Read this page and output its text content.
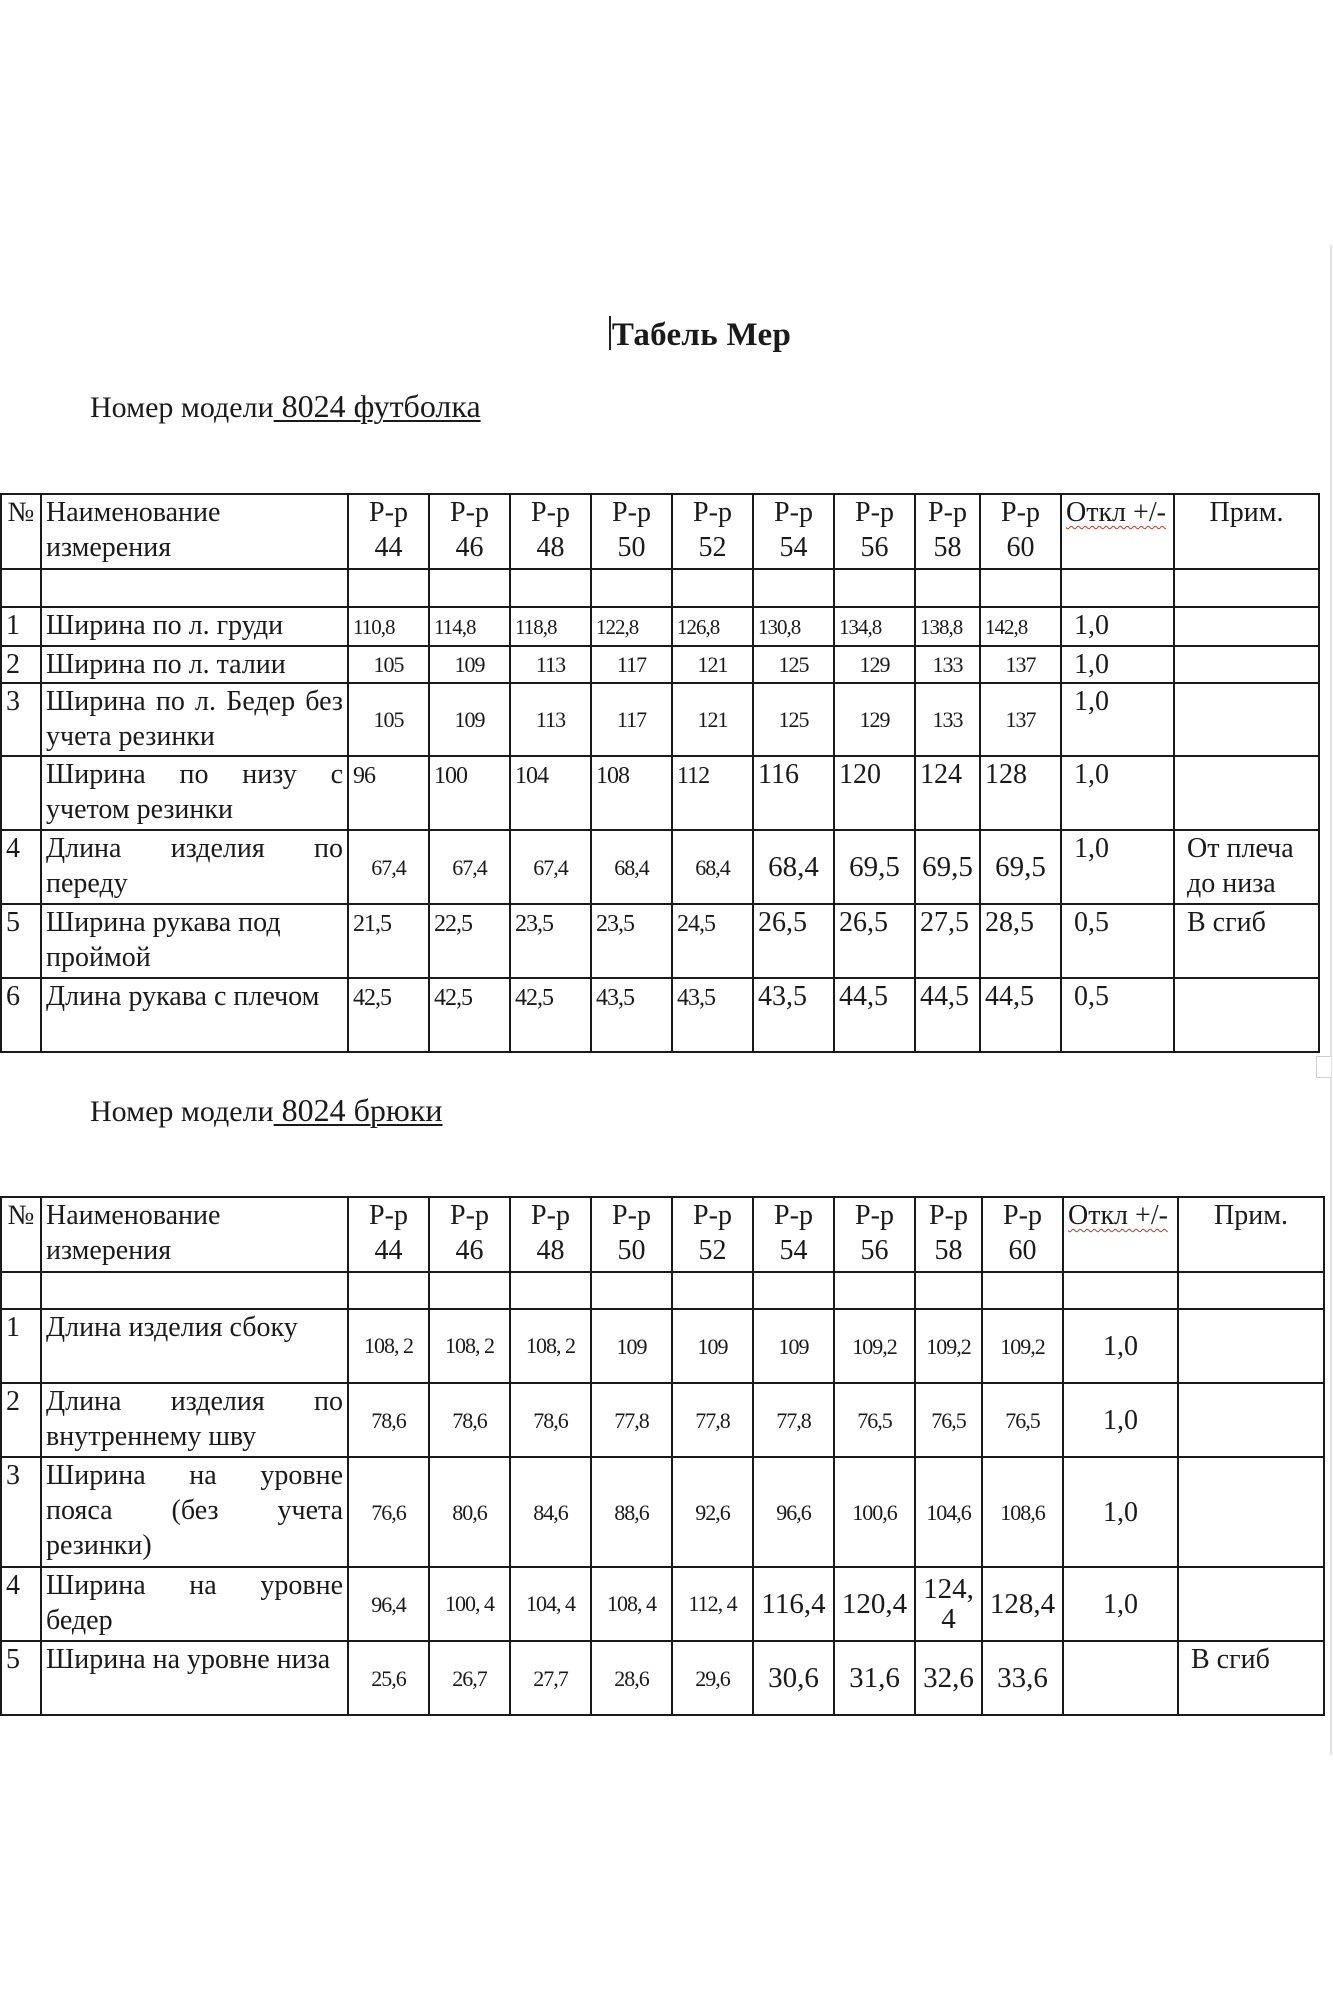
Табель Мер
Номер модели 8024 футболка
№	Наименование измерения	Р-р 44	Р-р 46	Р-р 48	Р-р 50	Р-р 52	Р-р 54	Р-р 56	Р-р 58	Р-р 60	Откл +/-	Прим.

1	Ширина по л. груди	110,8	114,8	118,8	122,8	126,8	130,8	134,8	138,8	142,8	1,0	
2	Ширина по л. талии	105	109	113	117	121	125	129	133	137	1,0	
3	Ширина по л. Бедер без учета резинки	105	109	113	117	121	125	129	133	137	1,0	
	Ширина по низу с учетом резинки	96	100	104	108	112	116	120	124	128	1,0	
4	Длина изделия по переду	67,4	67,4	67,4	68,4	68,4	68,4	69,5	69,5	69,5	1,0	От плеча до низа
5	Ширина рукава под проймой	21,5	22,5	23,5	23,5	24,5	26,5	26,5	27,5	28,5	0,5	В сгиб
6	Длина рукава с плечом	42,5	42,5	42,5	43,5	43,5	43,5	44,5	44,5	44,5	0,5	
Номер модели 8024 брюки
№	Наименование измерения	Р-р 44	Р-р 46	Р-р 48	Р-р 50	Р-р 52	Р-р 54	Р-р 56	Р-р 58	Р-р 60	Откл +/-	Прим.

1	Длина изделия сбоку	108, 2	108, 2	108, 2	109	109	109	109,2	109,2	109,2	1,0	
2	Длина изделия по внутреннему шву	78,6	78,6	78,6	77,8	77,8	77,8	76,5	76,5	76,5	1,0	
3	Ширина на уровне пояса (без учета резинки)	76,6	80,6	84,6	88,6	92,6	96,6	100,6	104,6	108,6	1,0	
4	Ширина на уровне бедер	96,4	100, 4	104, 4	108, 4	112, 4	116,4	120,4	124, 4	128,4	1,0	
5	Ширина на уровне низа	25,6	26,7	27,7	28,6	29,6	30,6	31,6	32,6	33,6		В сгиб
